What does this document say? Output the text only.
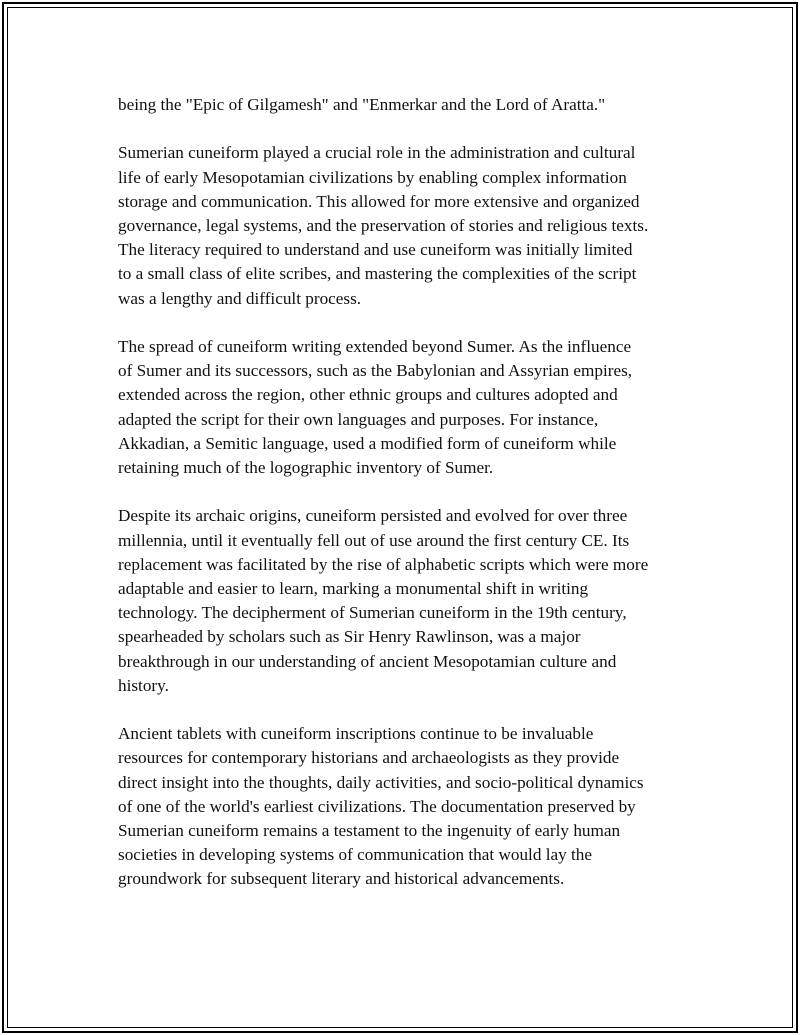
being the "Epic of Gilgamesh" and "Enmerkar and the Lord of Aratta."

Sumerian cuneiform played a crucial role in the administration and cultural
life of early Mesopotamian civilizations by enabling complex information
storage and communication. This allowed for more extensive and organized
governance, legal systems, and the preservation of stories and religious texts.
The literacy required to understand and use cuneiform was initially limited
to a small class of elite scribes, and mastering the complexities of the script
was a lengthy and difficult process.

The spread of cuneiform writing extended beyond Sumer. As the influence
of Sumer and its successors, such as the Babylonian and Assyrian empires,
extended across the region, other ethnic groups and cultures adopted and
adapted the script for their own languages and purposes. For instance,
Akkadian, a Semitic language, used a modified form of cuneiform while
retaining much of the logographic inventory of Sumer.

Despite its archaic origins, cuneiform persisted and evolved for over three
millennia, until it eventually fell out of use around the first century CE. Its
replacement was facilitated by the rise of alphabetic scripts which were more
adaptable and easier to learn, marking a monumental shift in writing
technology. The decipherment of Sumerian cuneiform in the 19th century,
spearheaded by scholars such as Sir Henry Rawlinson, was a major
breakthrough in our understanding of ancient Mesopotamian culture and
history.

Ancient tablets with cuneiform inscriptions continue to be invaluable
resources for contemporary historians and archaeologists as they provide
direct insight into the thoughts, daily activities, and socio-political dynamics
of one of the world's earliest civilizations. The documentation preserved by
Sumerian cuneiform remains a testament to the ingenuity of early human
societies in developing systems of communication that would lay the
groundwork for subsequent literary and historical advancements.
